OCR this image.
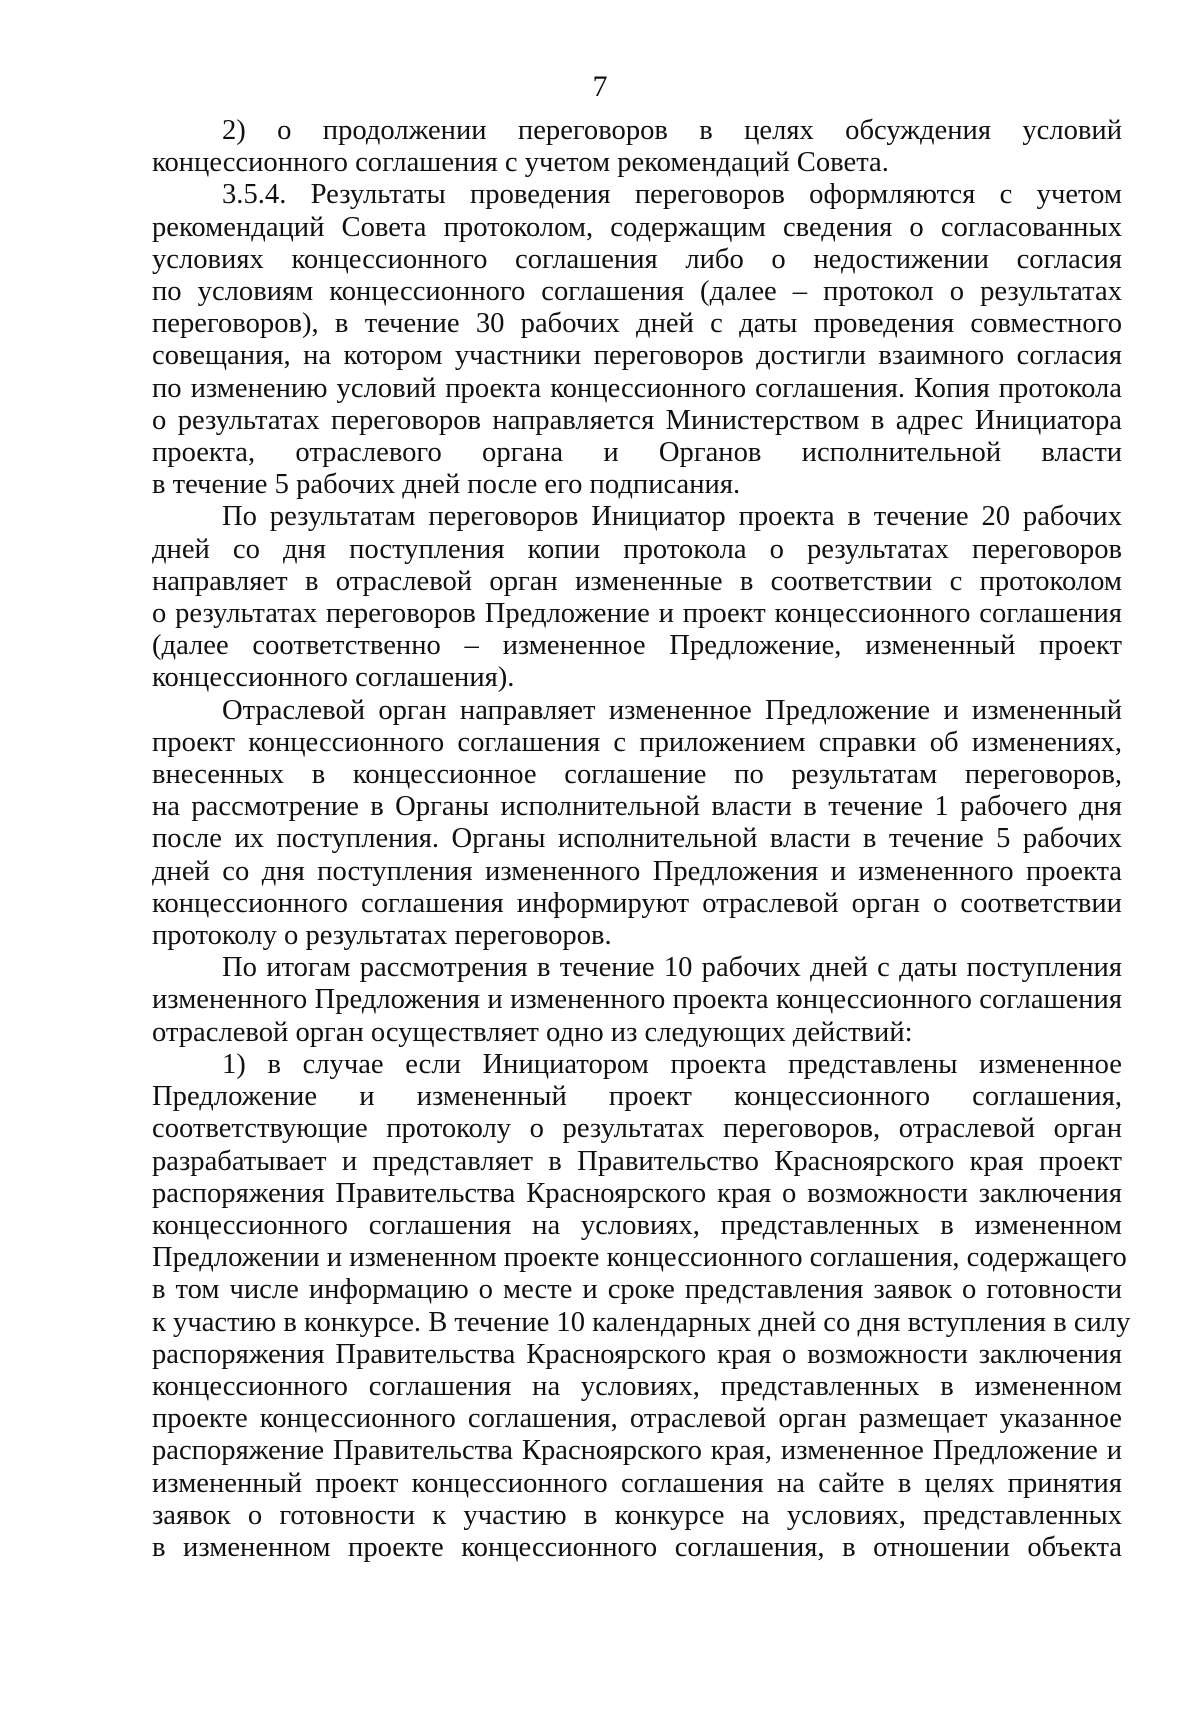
7
2) о продолжении переговоров в целях обсуждения условий
концессионного соглашения с учетом рекомендаций Совета.
3.5.4. Результаты проведения переговоров оформляются с учетом
рекомендаций Совета протоколом, содержащим сведения о согласованных
условиях концессионного соглашения либо о недостижении согласия
по условиям концессионного соглашения (далее – протокол о результатах
переговоров), в течение 30 рабочих дней с даты проведения совместного
совещания, на котором участники переговоров достигли взаимного согласия
по изменению условий проекта концессионного соглашения. Копия протокола
о результатах переговоров направляется Министерством в адрес Инициатора
проекта, отраслевого органа и Органов исполнительной власти
в течение 5 рабочих дней после его подписания.
По результатам переговоров Инициатор проекта в течение 20 рабочих
дней со дня поступления копии протокола о результатах переговоров
направляет в отраслевой орган измененные в соответствии с протоколом
о результатах переговоров Предложение и проект концессионного соглашения
(далее соответственно – измененное Предложение, измененный проект
концессионного соглашения).
Отраслевой орган направляет измененное Предложение и измененный
проект концессионного соглашения с приложением справки об изменениях,
внесенных в концессионное соглашение по результатам переговоров,
на рассмотрение в Органы исполнительной власти в течение 1 рабочего дня
после их поступления. Органы исполнительной власти в течение 5 рабочих
дней со дня поступления измененного Предложения и измененного проекта
концессионного соглашения информируют отраслевой орган о соответствии
протоколу о результатах переговоров.
По итогам рассмотрения в течение 10 рабочих дней с даты поступления
измененного Предложения и измененного проекта концессионного соглашения
отраслевой орган осуществляет одно из следующих действий:
1) в случае если Инициатором проекта представлены измененное
Предложение и измененный проект концессионного соглашения,
соответствующие протоколу о результатах переговоров, отраслевой орган
разрабатывает и представляет в Правительство Красноярского края проект
распоряжения Правительства Красноярского края о возможности заключения
концессионного соглашения на условиях, представленных в измененном
Предложении и измененном проекте концессионного соглашения, содержащего
в том числе информацию о месте и сроке представления заявок о готовности
к участию в конкурсе. В течение 10 календарных дней со дня вступления в силу
распоряжения Правительства Красноярского края о возможности заключения
концессионного соглашения на условиях, представленных в измененном
проекте концессионного соглашения, отраслевой орган размещает указанное
распоряжение Правительства Красноярского края, измененное Предложение и
измененный проект концессионного соглашения на сайте в целях принятия
заявок о готовности к участию в конкурсе на условиях, представленных
в измененном проекте концессионного соглашения, в отношении объекта
